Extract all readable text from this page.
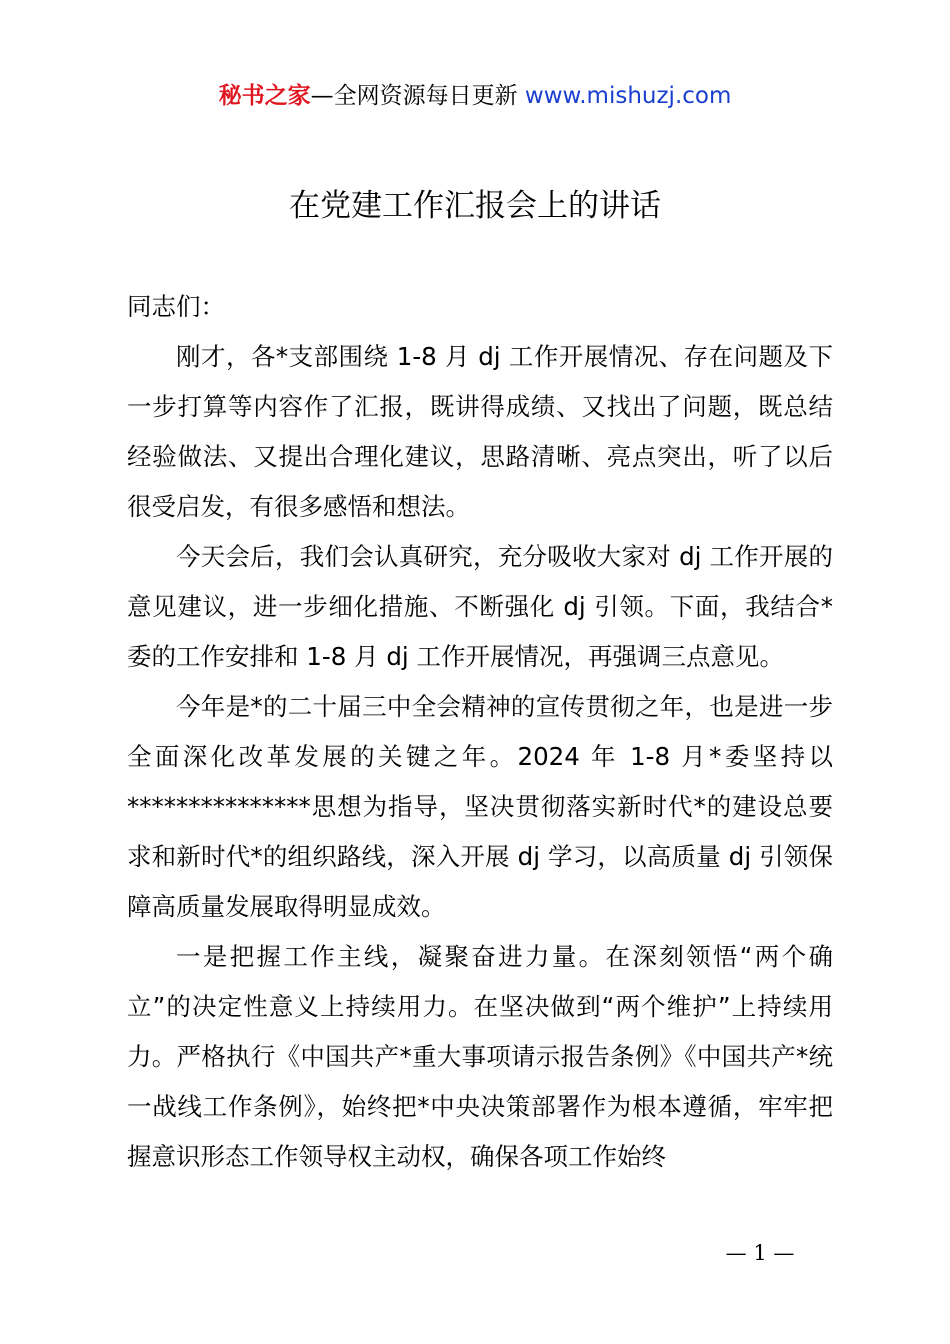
秘书之家—全网资源每日更新 www.mishuzj.com
在党建工作汇报会上的讲话

同志们：

刚才，各*支部围绕 1-8 月 dj 工作开展情况、存在问题及下一步打算等内容作了汇报，既讲得成绩、又找出了问题，既总结经验做法、又提出合理化建议，思路清晰、亮点突出，听了以后很受启发，有很多感悟和想法。

今天会后，我们会认真研究，充分吸收大家对 dj 工作开展的意见建议，进一步细化措施、不断强化 dj 引领。下面，我结合*委的工作安排和 1-8 月 dj 工作开展情况，再强调三点意见。

今年是*的二十届三中全会精神的宣传贯彻之年，也是进一步全面深化改革发展的关键之年。2024 年 1-8 月*委坚持以***************思想为指导，坚决贯彻落实新时代*的建设总要求和新时代*的组织路线，深入开展 dj 学习，以高质量 dj 引领保障高质量发展取得明显成效。

一是把握工作主线，凝聚奋进力量。在深刻领悟“两个确立”的决定性意义上持续用力。在坚决做到“两个维护”上持续用力。严格执行《中国共产*重大事项请示报告条例》《中国共产*统一战线工作条例》，始终把*中央决策部署作为根本遵循，牢牢把握意识形态工作领导权主动权，确保各项工作始终

— 1 —
